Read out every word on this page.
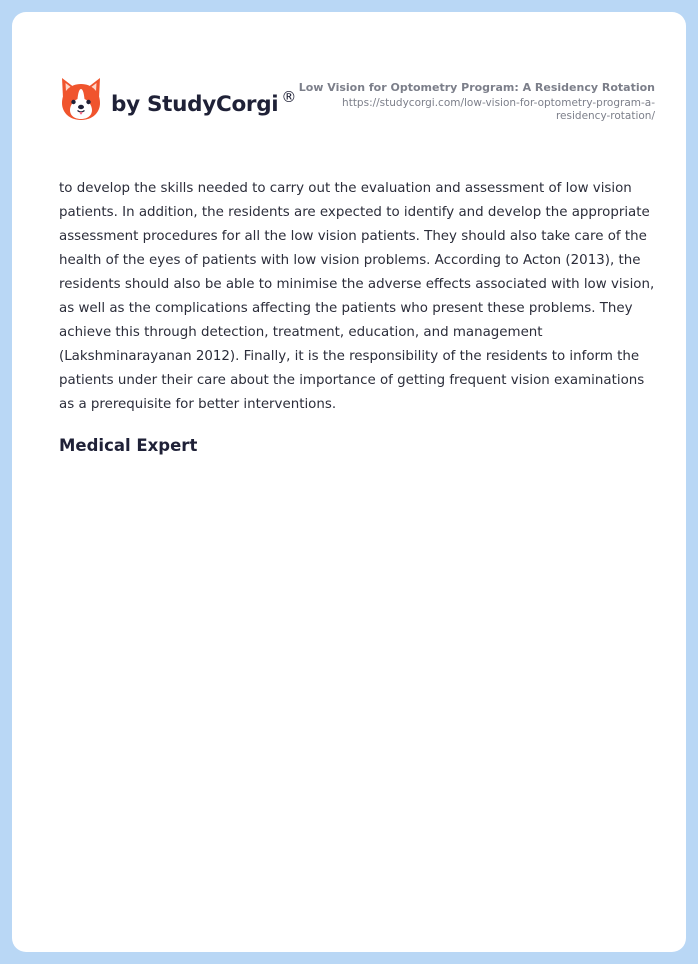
by StudyCorgi ® Low Vision for Optometry Program: A Residency Rotation
https://studycorgi.com/low-vision-for-optometry-program-a-residency-rotation/

to develop the skills needed to carry out the evaluation and assessment of low vision patients. In addition, the residents are expected to identify and develop the appropriate assessment procedures for all the low vision patients. They should also take care of the health of the eyes of patients with low vision problems. According to Acton (2013), the residents should also be able to minimise the adverse effects associated with low vision, as well as the complications affecting the patients who present these problems. They achieve this through detection, treatment, education, and management (Lakshminarayanan 2012). Finally, it is the responsibility of the residents to inform the patients under their care about the importance of getting frequent vision examinations as a prerequisite for better interventions.

Medical Expert
